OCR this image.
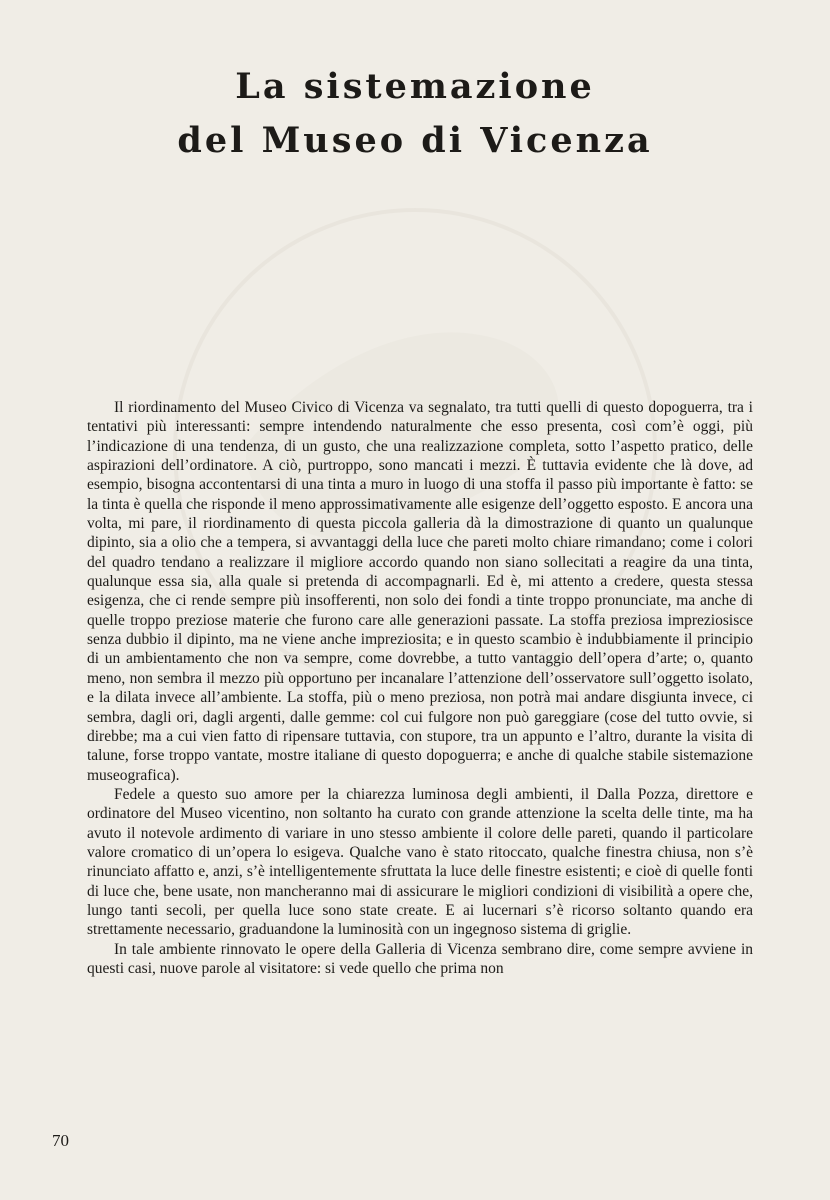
La sistemazione
del Museo di Vicenza

Il riordinamento del Museo Civico di Vicenza va segnalato, tra tutti quelli di questo dopoguerra, tra i tentativi più interessanti: sempre intendendo naturalmente che esso presenta, così com’è oggi, più l’indicazione di una tendenza, di un gusto, che una realizzazione completa, sotto l’aspetto pratico, delle aspirazioni dell’ordinatore. A ciò, purtroppo, sono mancati i mezzi. È tuttavia evidente che là dove, ad esempio, bisogna accontentarsi di una tinta a muro in luogo di una stoffa il passo più importante è fatto: se la tinta è quella che risponde il meno approssimativamente alle esigenze dell’oggetto esposto. E ancora una volta, mi pare, il riordinamento di questa piccola galleria dà la dimostrazione di quanto un qualunque dipinto, sia a olio che a tempera, si avvantaggi della luce che pareti molto chiare rimandano; come i colori del quadro tendano a realizzare il migliore accordo quando non siano sollecitati a reagire da una tinta, qualunque essa sia, alla quale si pretenda di accompagnarli. Ed è, mi attento a credere, questa stessa esigenza, che ci rende sempre più insofferenti, non solo dei fondi a tinte troppo pronunciate, ma anche di quelle troppo preziose materie che furono care alle generazioni passate. La stoffa preziosa impreziosisce senza dubbio il dipinto, ma ne viene anche impreziosita; e in questo scambio è indubbiamente il principio di un ambientamento che non va sempre, come dovrebbe, a tutto vantaggio dell’opera d’arte; o, quanto meno, non sembra il mezzo più opportuno per incanalare l’attenzione dell’osservatore sull’oggetto isolato, e la dilata invece all’ambiente. La stoffa, più o meno preziosa, non potrà mai andare disgiunta invece, ci sembra, dagli ori, dagli argenti, dalle gemme: col cui fulgore non può gareggiare (cose del tutto ovvie, si direbbe; ma a cui vien fatto di ripensare tuttavia, con stupore, tra un appunto e l’altro, durante la visita di talune, forse troppo vantate, mostre italiane di questo dopoguerra; e anche di qualche stabile sistemazione museografica).

Fedele a questo suo amore per la chiarezza luminosa degli ambienti, il Dalla Pozza, direttore e ordinatore del Museo vicentino, non soltanto ha curato con grande attenzione la scelta delle tinte, ma ha avuto il notevole ardimento di variare in uno stesso ambiente il colore delle pareti, quando il particolare valore cromatico di un’opera lo esigeva. Qualche vano è stato ritoccato, qualche finestra chiusa, non s’è rinunciato affatto e, anzi, s’è intelligentemente sfruttata la luce delle finestre esistenti; e cioè di quelle fonti di luce che, bene usate, non mancheranno mai di assicurare le migliori condizioni di visibilità a opere che, lungo tanti secoli, per quella luce sono state create. E ai lucernari s’è ricorso soltanto quando era strettamente necessario, graduandone la luminosità con un ingegnoso sistema di griglie.

In tale ambiente rinnovato le opere della Galleria di Vicenza sembrano dire, come sempre avviene in questi casi, nuove parole al visitatore: si vede quello che prima non

70
